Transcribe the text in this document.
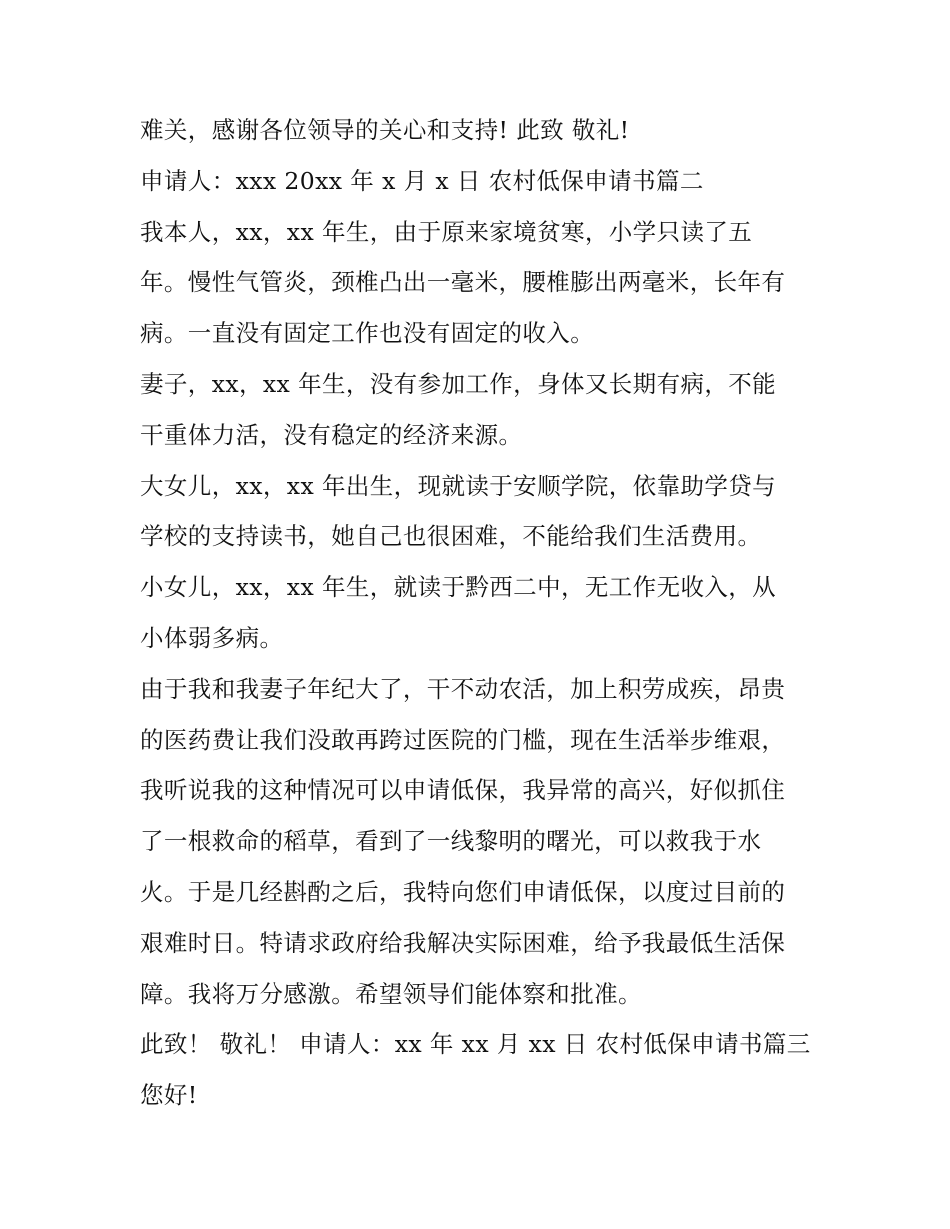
难关，感谢各位领导的关心和支持! 此致 敬礼!
申请人：xxx 20xx 年 x 月 x 日 农村低保申请书篇二
我本人，xx，xx 年生，由于原来家境贫寒，小学只读了五
年。慢性气管炎，颈椎凸出一毫米，腰椎膨出两毫米，长年有
病。一直没有固定工作也没有固定的收入。
妻子，xx，xx 年生，没有参加工作，身体又长期有病，不能
干重体力活，没有稳定的经济来源。
大女儿，xx，xx 年出生，现就读于安顺学院，依靠助学贷与
学校的支持读书，她自己也很困难，不能给我们生活费用。
小女儿，xx，xx 年生，就读于黔西二中，无工作无收入，从
小体弱多病。
由于我和我妻子年纪大了，干不动农活，加上积劳成疾，昂贵
的医药费让我们没敢再跨过医院的门槛，现在生活举步维艰，
我听说我的这种情况可以申请低保，我异常的高兴，好似抓住
了一根救命的稻草，看到了一线黎明的曙光，可以救我于水
火。于是几经斟酌之后，我特向您们申请低保，以度过目前的
艰难时日。特请求政府给我解决实际困难，给予我最低生活保
障。我将万分感激。希望领导们能体察和批准。
此致！ 敬礼！ 申请人：xx 年 xx 月 xx 日 农村低保申请书篇三
您好!
